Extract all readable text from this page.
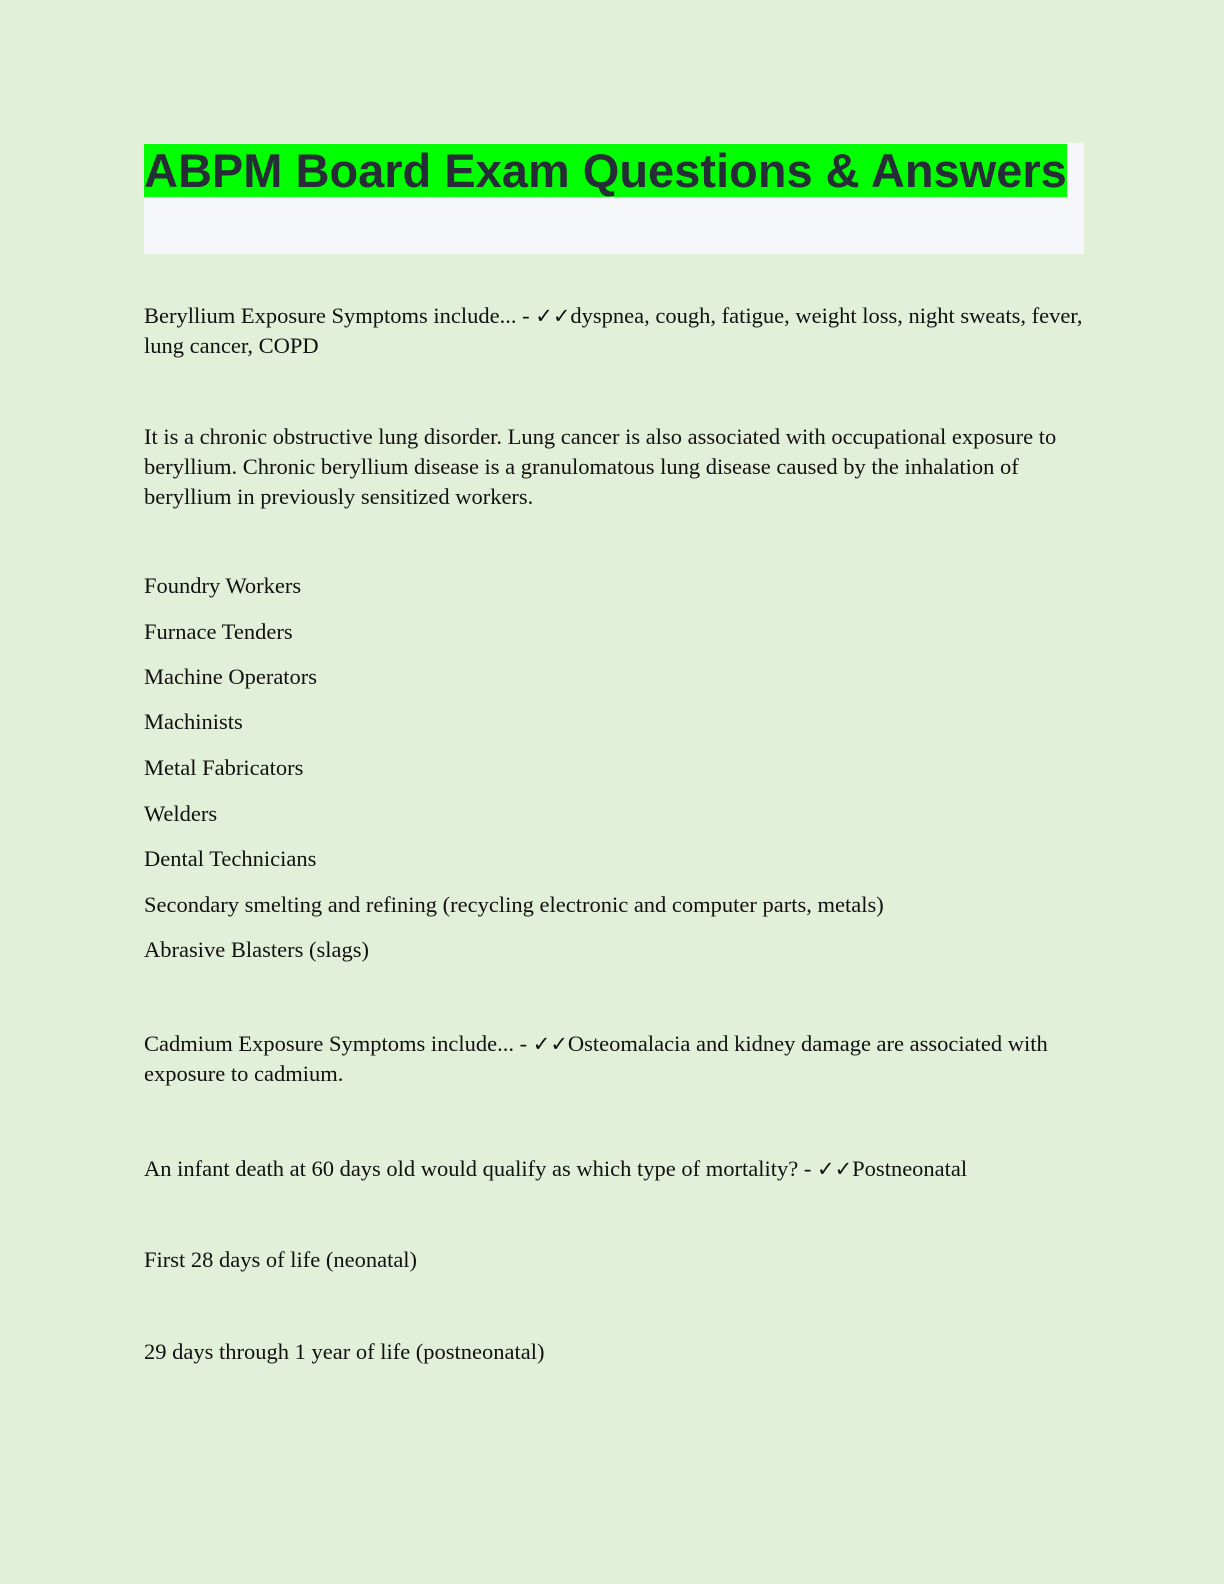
ABPM Board Exam Questions & Answers

Beryllium Exposure Symptoms include... - ✓✓dyspnea, cough, fatigue, weight loss, night sweats, fever, lung cancer, COPD

It is a chronic obstructive lung disorder. Lung cancer is also associated with occupational exposure to beryllium. Chronic beryllium disease is a granulomatous lung disease caused by the inhalation of beryllium in previously sensitized workers.

Foundry Workers

Furnace Tenders

Machine Operators

Machinists

Metal Fabricators

Welders

Dental Technicians

Secondary smelting and refining (recycling electronic and computer parts, metals)

Abrasive Blasters (slags)

Cadmium Exposure Symptoms include... - ✓✓Osteomalacia and kidney damage are associated with exposure to cadmium.

An infant death at 60 days old would qualify as which type of mortality? - ✓✓Postneonatal

First 28 days of life (neonatal)

29 days through 1 year of life (postneonatal)
